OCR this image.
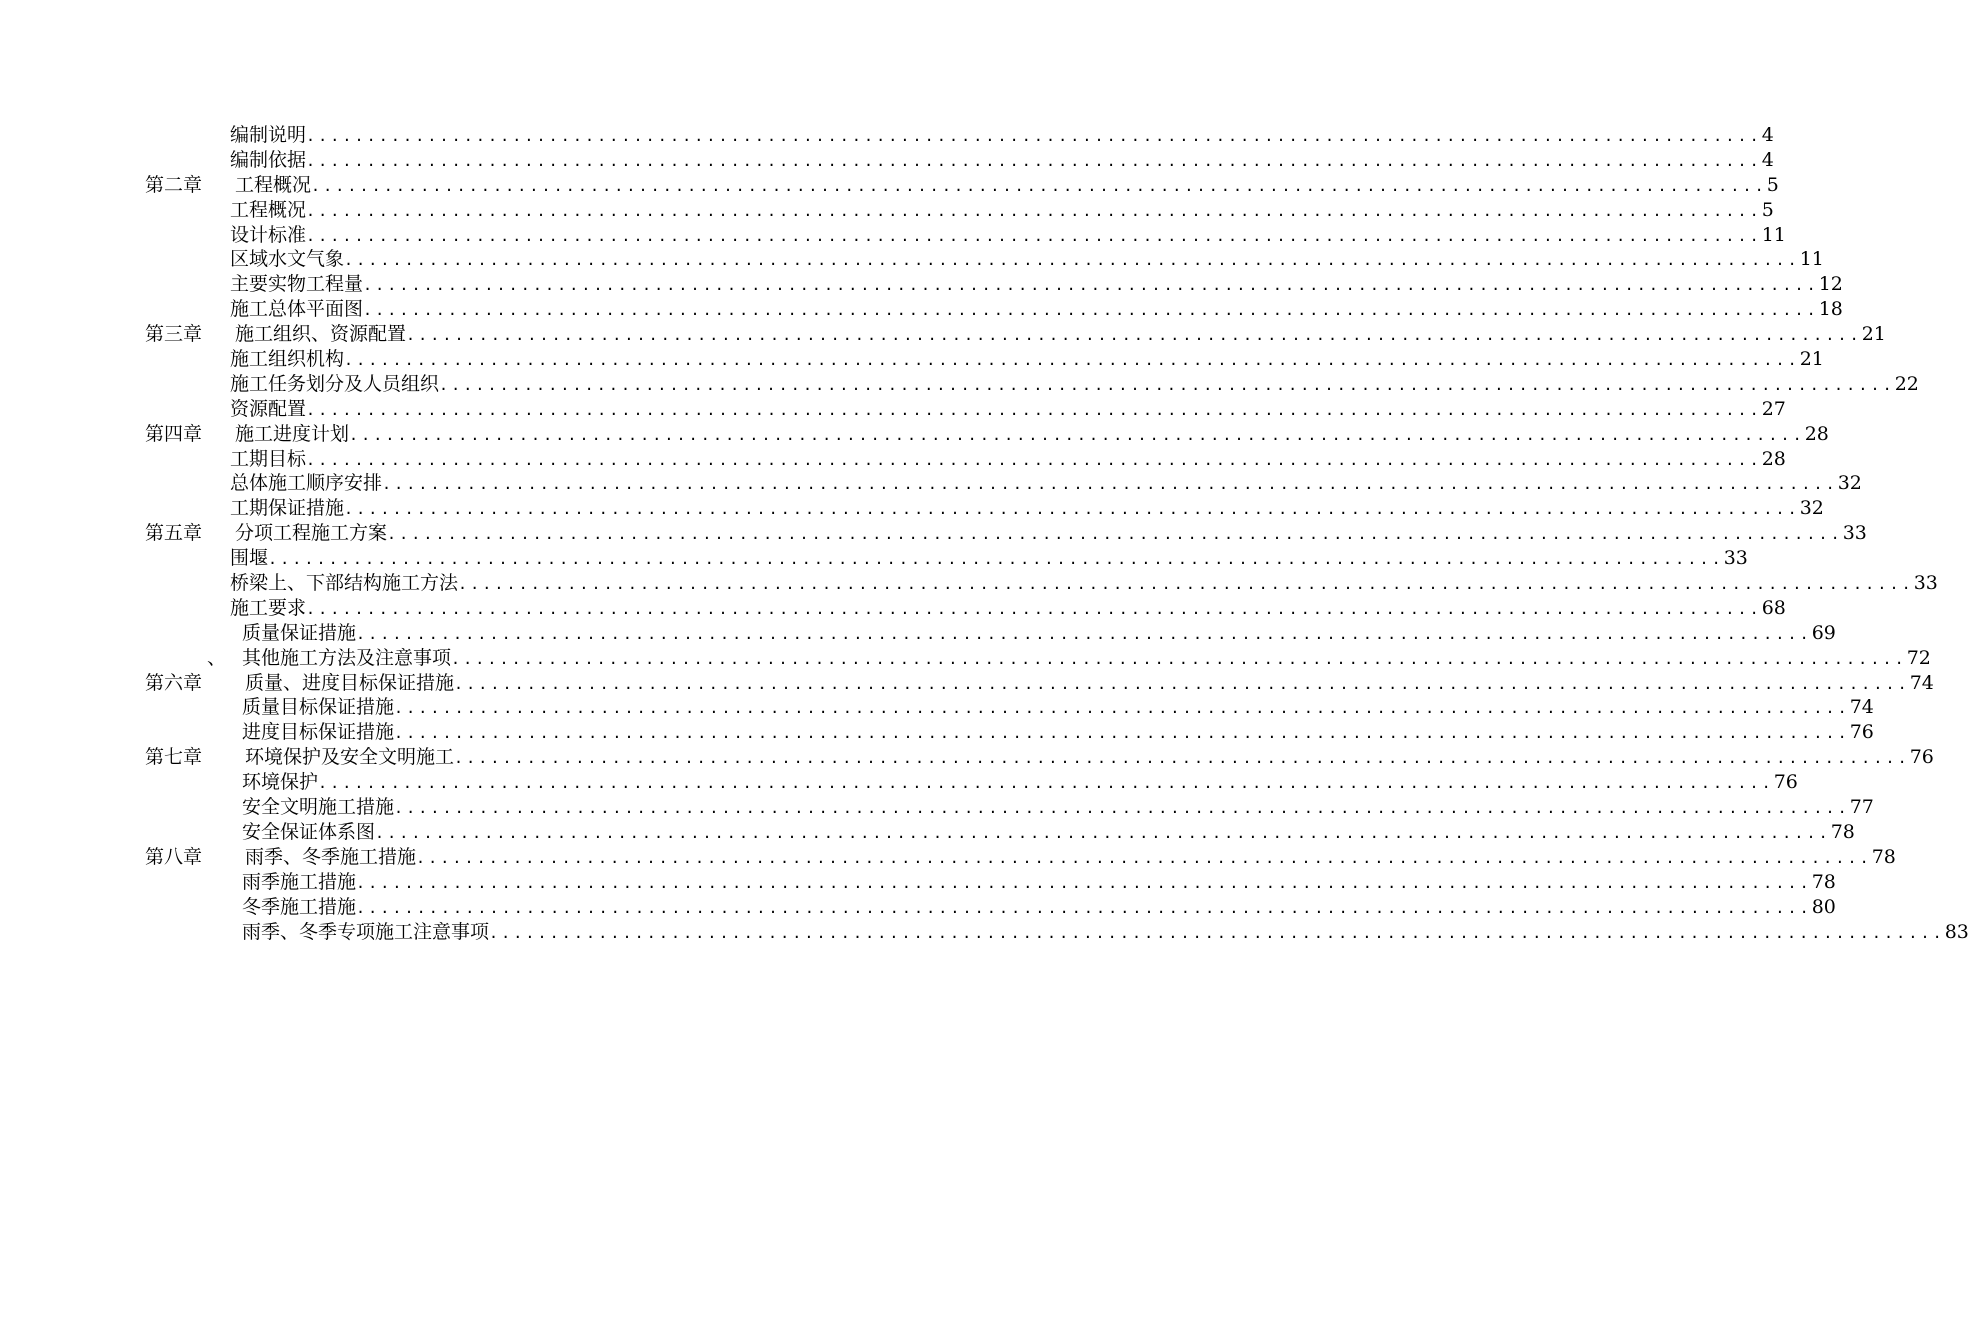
编制说明 ........................................................................................................................ 4
编制依据 ........................................................................................................................ 4
第二章 工程概况 ........................................................................................................................ 5
工程概况 ........................................................................................................................ 5
设计标准 ........................................................................................................................ 11
区域水文气象 ........................................................................................................................ 11
主要实物工程量 ........................................................................................................................ 12
施工总体平面图 ........................................................................................................................ 18
第三章 施工组织、资源配置 ........................................................................................................................ 21
施工组织机构 ........................................................................................................................ 21
施工任务划分及人员组织 ........................................................................................................................ 22
资源配置 ........................................................................................................................ 27
第四章 施工进度计划 ........................................................................................................................ 28
工期目标 ........................................................................................................................ 28
总体施工顺序安排 ........................................................................................................................ 32
工期保证措施 ........................................................................................................................ 32
第五章 分项工程施工方案 ........................................................................................................................ 33
围堰 ........................................................................................................................ 33
桥梁上、下部结构施工方法 ........................................................................................................................ 33
施工要求 ........................................................................................................................ 68
质量保证措施 ........................................................................................................................ 69
、 其他施工方法及注意事项 ........................................................................................................................ 72
第六章 质量、进度目标保证措施 ........................................................................................................................ 74
质量目标保证措施 ........................................................................................................................ 74
进度目标保证措施 ........................................................................................................................ 76
第七章 环境保护及安全文明施工 ........................................................................................................................ 76
环境保护 ........................................................................................................................ 76
安全文明施工措施 ........................................................................................................................ 77
安全保证体系图 ........................................................................................................................ 78
第八章 雨季、冬季施工措施 ........................................................................................................................ 78
雨季施工措施 ........................................................................................................................ 78
冬季施工措施 ........................................................................................................................ 80
雨季、冬季专项施工注意事项 ........................................................................................................................ 83
